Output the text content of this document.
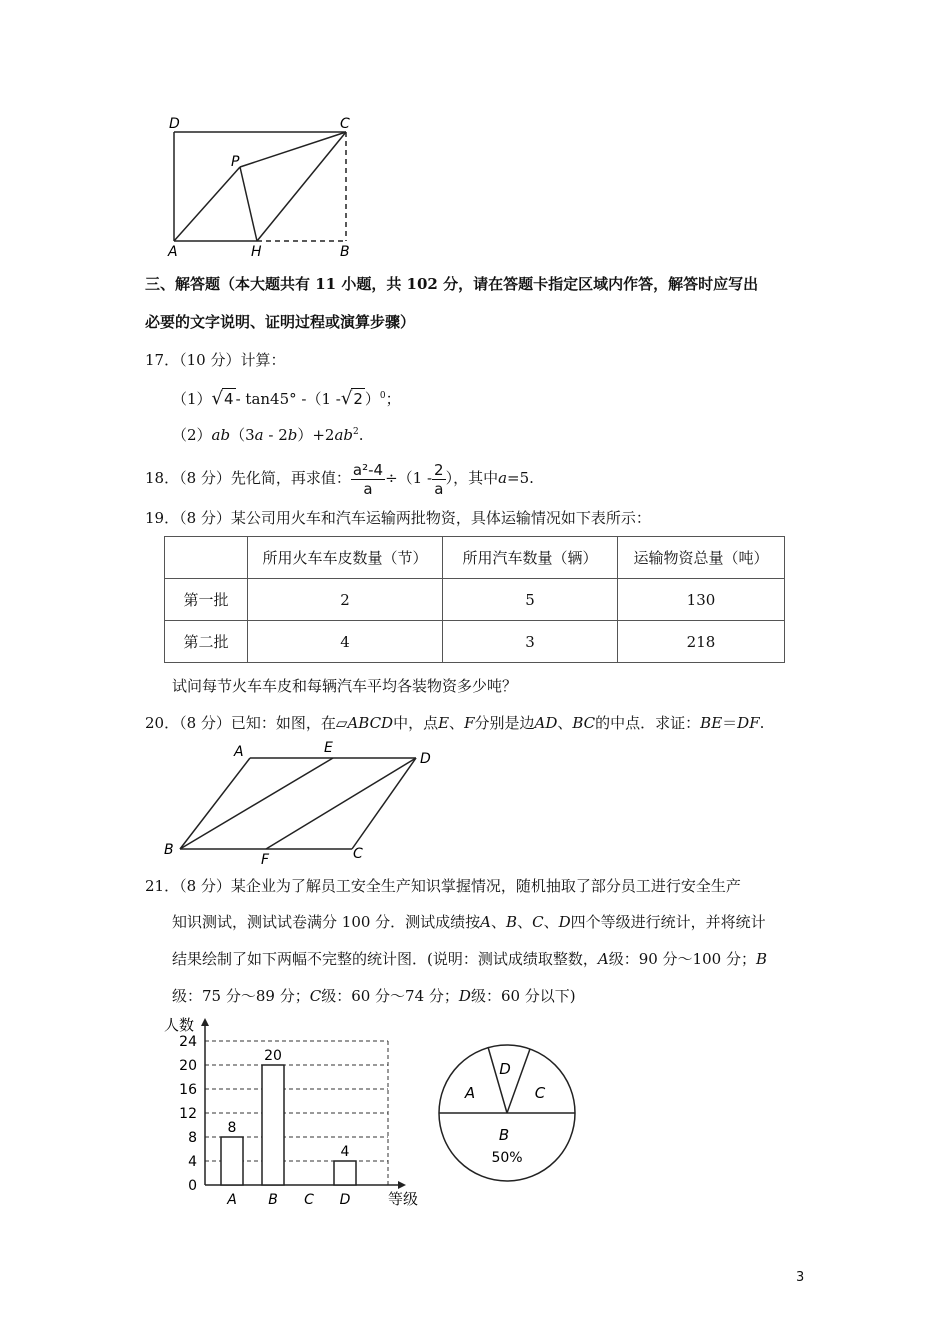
D	C
P
A	H	B
三、解答题（本大题共有 11 小题，共 102 分，请在答题卡指定区域内作答，解答时应写出
必要的文字说明、证明过程或演算步骤）
17．（10 分）计算：
（1）√4 - tan45° -（1 -√2 ）$^0$；
$(2)ab(3a - 2b)+2ab^2$.
18．（8 分）先化简，再求值： $\frac{\text{a²-4}}{a} \div(1 - \frac{2}{a}$ ），其中a=5.
19．（8 分）某公司用火车和汽车运输两批物资，具体运输情况如下表所示：
	所用火车车皮数量（节）	所用汽车数量（辆）	运输物资总量（吨）
第一批	2	5	130
第二批	4	3	218
试问每节火车车皮和每辆汽车平均各装物资多少吨？
20．（8 分）已知：如图，在▱ABCD中，点E、F分别是边AD、BC的中点．求证：BE＝DF.
A	E
D
B
F	C
21．（8 分）某企业为了解员工安全生产知识掌握情况，随机抽取了部分员工进行安全生产
知识测试，测试试卷满分 100 分．测试成绩按A、B、C、D四个等级进行统计，并将统计
结果绘制了如下两幅不完整的统计图．(说明：测试成绩取整数，A级：90 分～100 分；B
级：75 分～89 分；C级：60 分～74 分；D级：60 分以下)
0
4
8
12
16
20
24
人数
等级
A
8
B
20
C D
4
A
D
C
B
50%
3
